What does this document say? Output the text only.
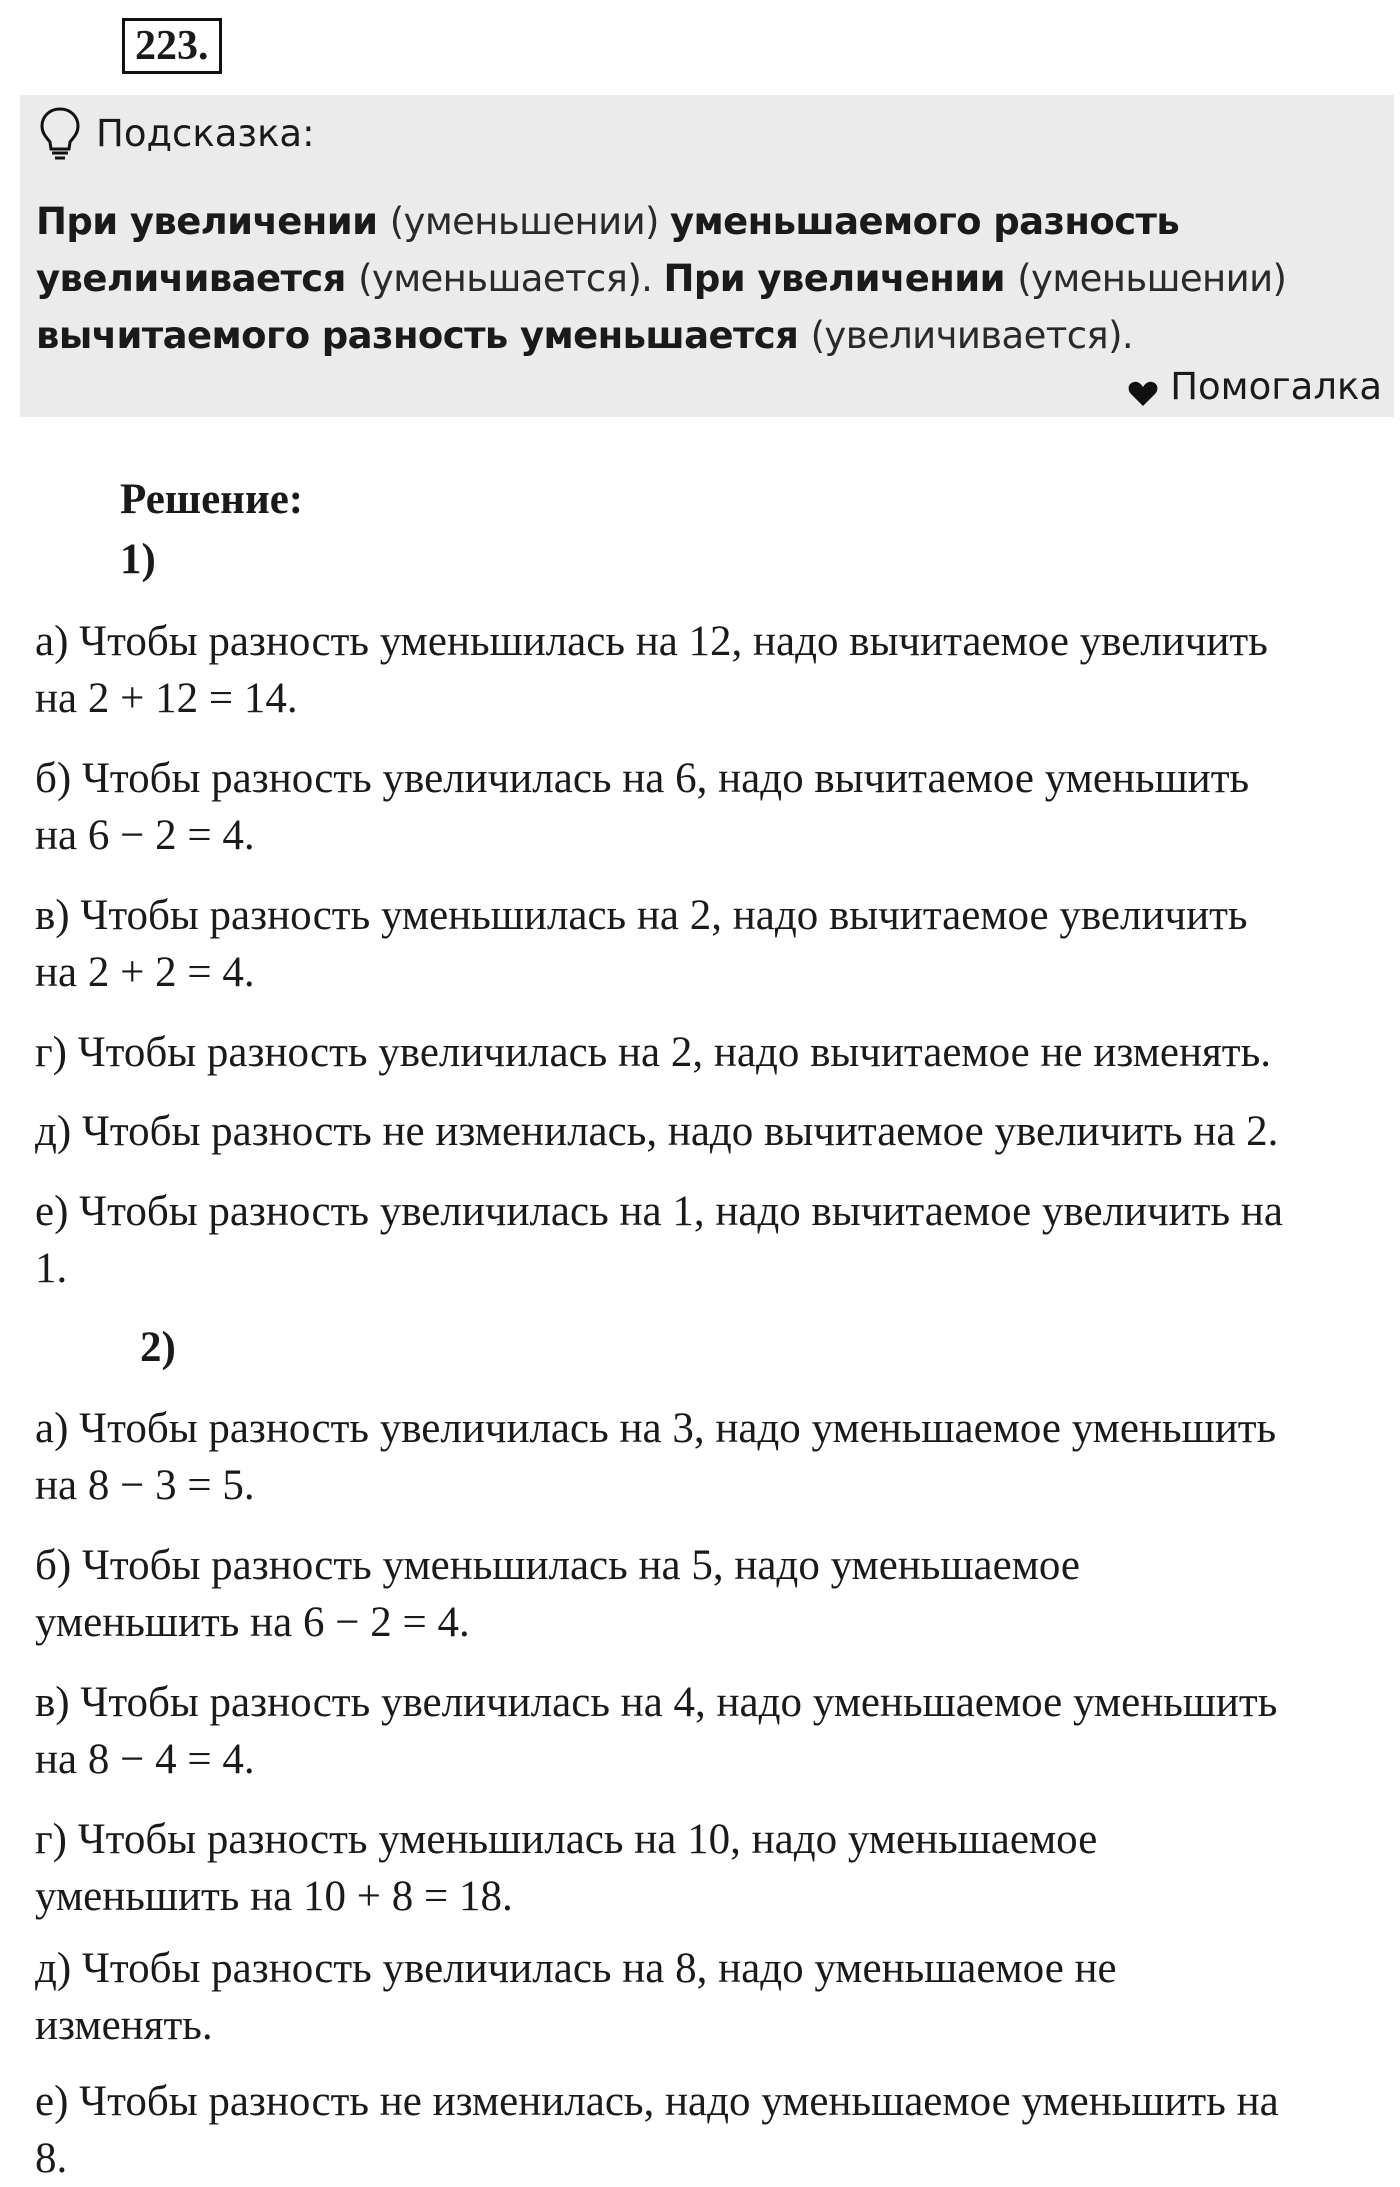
223.
Подсказка:
При увеличении (уменьшении) уменьшаемого разность увеличивается (уменьшается). При увеличении (уменьшении) вычитаемого разность уменьшается (увеличивается).
Помогалка
Решение:
1)
а) Чтобы разность уменьшилась на 12, надо вычитаемое увеличить
на 2 + 12 = 14.
б) Чтобы разность увеличилась на 6, надо вычитаемое уменьшить
на 6 − 2 = 4.
в) Чтобы разность уменьшилась на 2, надо вычитаемое увеличить
на 2 + 2 = 4.
г) Чтобы разность увеличилась на 2, надо вычитаемое не изменять.
д) Чтобы разность не изменилась, надо вычитаемое увеличить на 2.
е) Чтобы разность увеличилась на 1, надо вычитаемое увеличить на
1.
2)
а) Чтобы разность увеличилась на 3, надо уменьшаемое уменьшить
на 8 − 3 = 5.
б) Чтобы разность уменьшилась на 5, надо уменьшаемое
уменьшить на 6 − 2 = 4.
в) Чтобы разность увеличилась на 4, надо уменьшаемое уменьшить
на 8 − 4 = 4.
г) Чтобы разность уменьшилась на 10, надо уменьшаемое
уменьшить на 10 + 8 = 18.
д) Чтобы разность увеличилась на 8, надо уменьшаемое не
изменять.
е) Чтобы разность не изменилась, надо уменьшаемое уменьшить на
8.
